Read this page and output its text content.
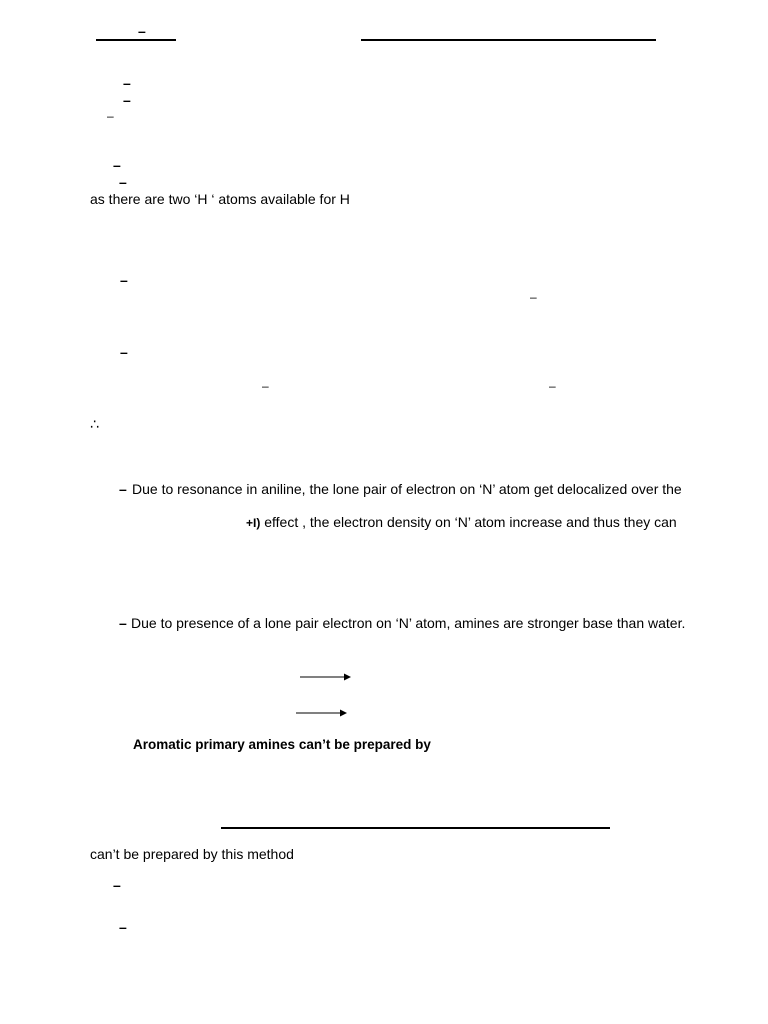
–
–
–
–
–
–
as there are two ‘H ‘ atoms available for H
–
–
–
–	–
∴
– Due to resonance in aniline, the lone pair of electron on ‘N’ atom get delocalized over the
+I) effect , the electron density on ‘N’ atom increase and thus they can
– Due to presence of a lone pair electron on ‘N’ atom, amines are stronger base than water.
Aromatic primary amines can’t be prepared by
can’t be prepared by this method
–
–
